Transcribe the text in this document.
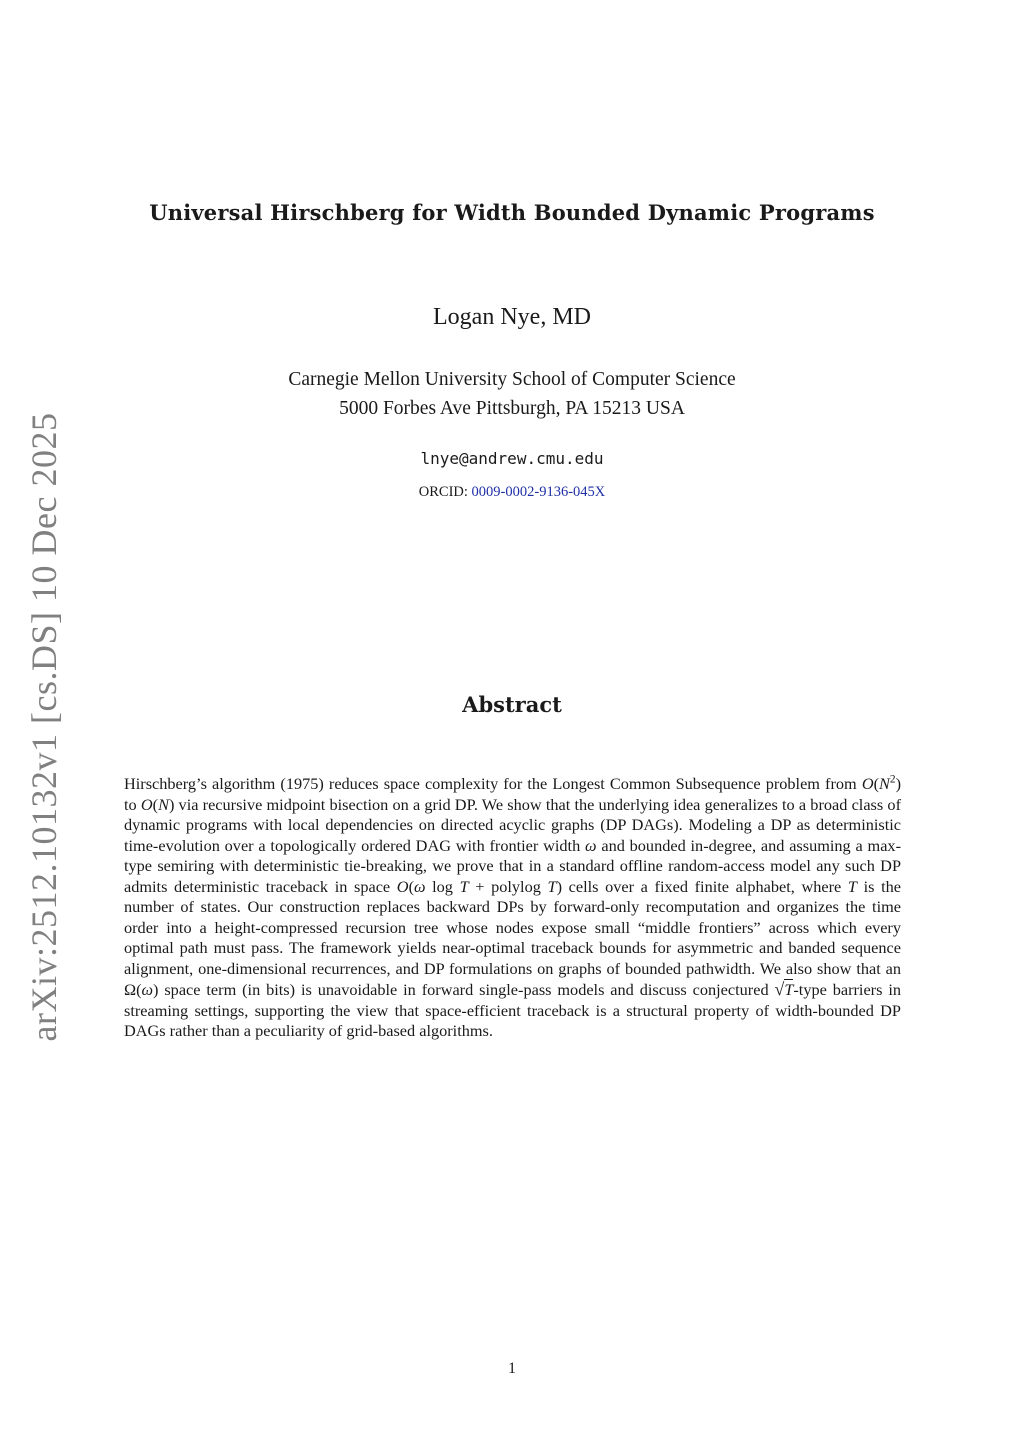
arXiv:2512.10132v1 [cs.DS] 10 Dec 2025
Universal Hirschberg for Width Bounded Dynamic Programs
Logan Nye, MD
Carnegie Mellon University School of Computer Science
5000 Forbes Ave Pittsburgh, PA 15213 USA
lnye@andrew.cmu.edu
ORCID: 0009-0002-9136-045X
Abstract
Hirschberg’s algorithm (1975) reduces space complexity for the Longest Common Subsequence problem from $O(N^2)$ to O(N) via recursive midpoint bisection on a grid DP. We show that the underlying idea generalizes to a broad class of dynamic programs with local dependencies on directed acyclic graphs (DP DAGs). Modeling a DP as deterministic time-evolution over a topologically ordered DAG with frontier width ω and bounded in-degree, and assuming a max-type semiring with deterministic tie-breaking, we prove that in a standard offline random-access model any such DP admits deterministic traceback in space O(ω log T + polylog T) cells over a fixed finite alphabet, where T is the number of states. Our construction replaces backward DPs by forward-only recomputation and organizes the time order into a height-compressed recursion tree whose nodes expose small “middle frontiers” across which every optimal path must pass. The framework yields near-optimal traceback bounds for asymmetric and banded sequence alignment, one-dimensional recurrences, and DP formulations on graphs of bounded pathwidth. We also show that an Ω(ω) space term (in bits) is unavoidable in forward single-pass models and discuss conjectured √T-type barriers in streaming settings, supporting the view that space-efficient traceback is a structural property of width-bounded DP DAGs rather than a peculiarity of grid-based algorithms.
1
